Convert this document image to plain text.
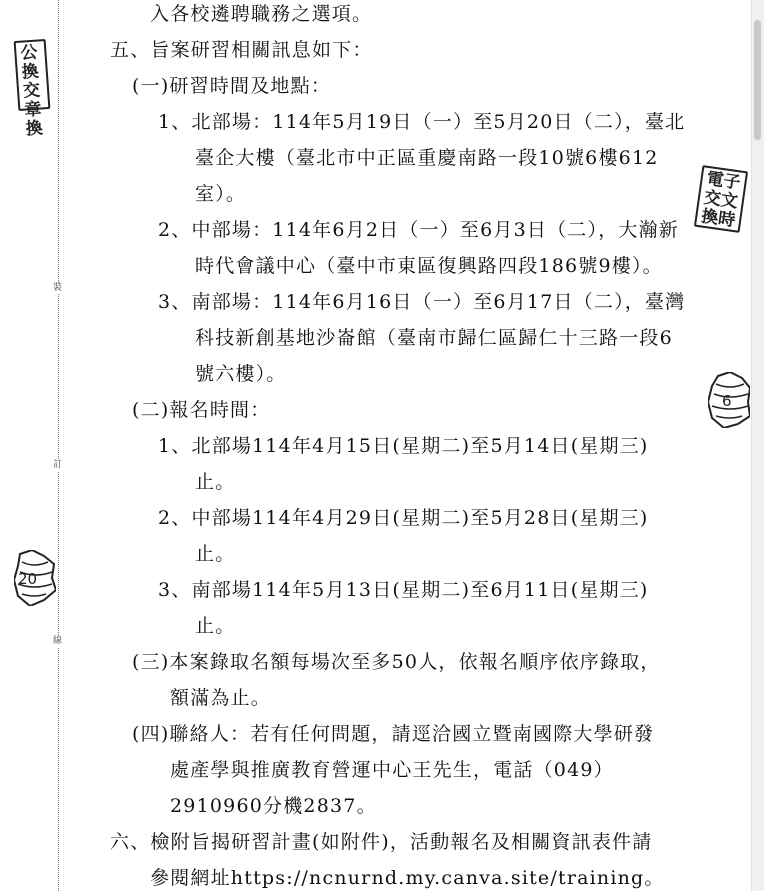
裝
訂
線
公換
交章
換
電子
交文
換時
20
6
入各校遴聘職務之選項。
五、旨案研習相關訊息如下：
(一)研習時間及地點：
1、北部場：114年5月19日（一）至5月20日（二），臺北
臺企大樓（臺北市中正區重慶南路一段10號6樓612
室）。
2、中部場：114年6月2日（一）至6月3日（二），大瀚新
時代會議中心（臺中市東區復興路四段186號9樓）。
3、南部場：114年6月16日（一）至6月17日（二），臺灣
科技新創基地沙崙館（臺南市歸仁區歸仁十三路一段6
號六樓）。
(二)報名時間：
1、北部場114年4月15日(星期二)至5月14日(星期三)
止。
2、中部場114年4月29日(星期二)至5月28日(星期三)
止。
3、南部場114年5月13日(星期二)至6月11日(星期三)
止。
(三)本案錄取名額每場次至多50人，依報名順序依序錄取，
額滿為止。
(四)聯絡人：若有任何問題，請逕洽國立暨南國際大學研發
處產學與推廣教育營運中心王先生，電話（049）
2910960分機2837。
六、檢附旨揭研習計畫(如附件)，活動報名及相關資訊表件請
參閱網址https://ncnurnd.my.canva.site/training。
